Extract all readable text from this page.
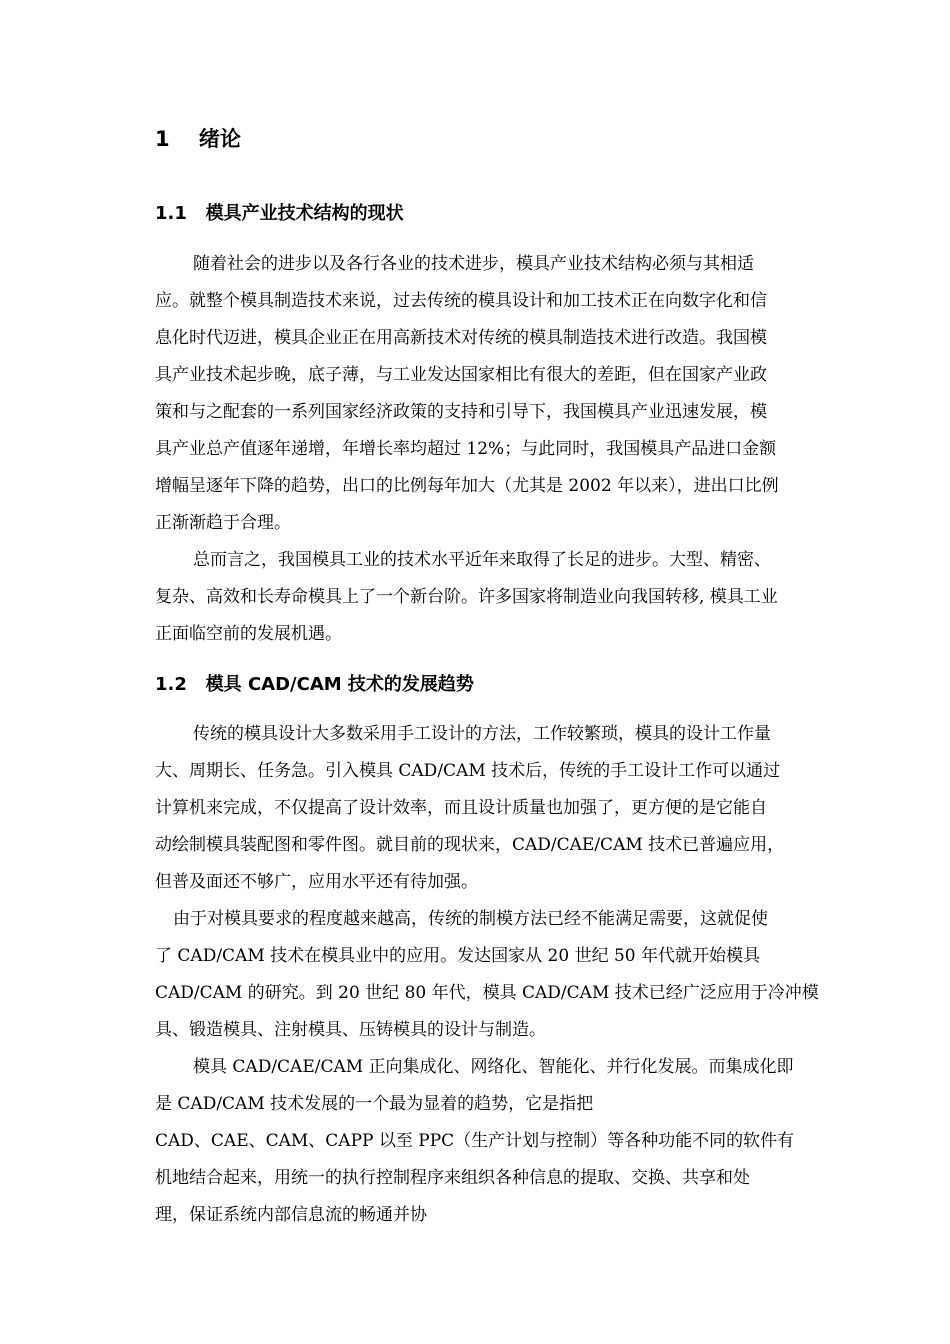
1    绪论
1.1   模具产业技术结构的现状
随着社会的进步以及各行各业的技术进步，模具产业技术结构必须与其相适
应。就整个模具制造技术来说，过去传统的模具设计和加工技术正在向数字化和信
息化时代迈进，模具企业正在用高新技术对传统的模具制造技术进行改造。我国模
具产业技术起步晚，底子薄，与工业发达国家相比有很大的差距，但在国家产业政
策和与之配套的一系列国家经济政策的支持和引导下，我国模具产业迅速发展，模
具产业总产值逐年递增，年增长率均超过 12%；与此同时，我国模具产品进口金额
增幅呈逐年下降的趋势，出口的比例每年加大（尤其是 2002 年以来），进出口比例
正渐渐趋于合理。
总而言之，我国模具工业的技术水平近年来取得了长足的进步。大型、精密、
复杂、高效和长寿命模具上了一个新台阶。许多国家将制造业向我国转移, 模具工业
正面临空前的发展机遇。
1.2   模具 CAD/CAM 技术的发展趋势
传统的模具设计大多数采用手工设计的方法，工作较繁琐，模具的设计工作量
大、周期长、任务急。引入模具 CAD/CAM 技术后，传统的手工设计工作可以通过
计算机来完成，不仅提高了设计效率，而且设计质量也加强了，更方便的是它能自
动绘制模具装配图和零件图。就目前的现状来，CAD/CAE/CAM 技术已普遍应用，
但普及面还不够广，应用水平还有待加强。
由于对模具要求的程度越来越高，传统的制模方法已经不能满足需要，这就促使
了 CAD/CAM 技术在模具业中的应用。发达国家从 20 世纪 50 年代就开始模具
CAD/CAM 的研究。到 20 世纪 80 年代，模具 CAD/CAM 技术已经广泛应用于冷冲模
具、锻造模具、注射模具、压铸模具的设计与制造。
模具 CAD/CAE/CAM 正向集成化、网络化、智能化、并行化发展。而集成化即
是 CAD/CAM 技术发展的一个最为显着的趋势，它是指把
CAD、CAE、CAM、CAPP 以至 PPC（生产计划与控制）等各种功能不同的软件有
机地结合起来，用统一的执行控制程序来组织各种信息的提取、交换、共享和处
理，保证系统内部信息流的畅通并协
